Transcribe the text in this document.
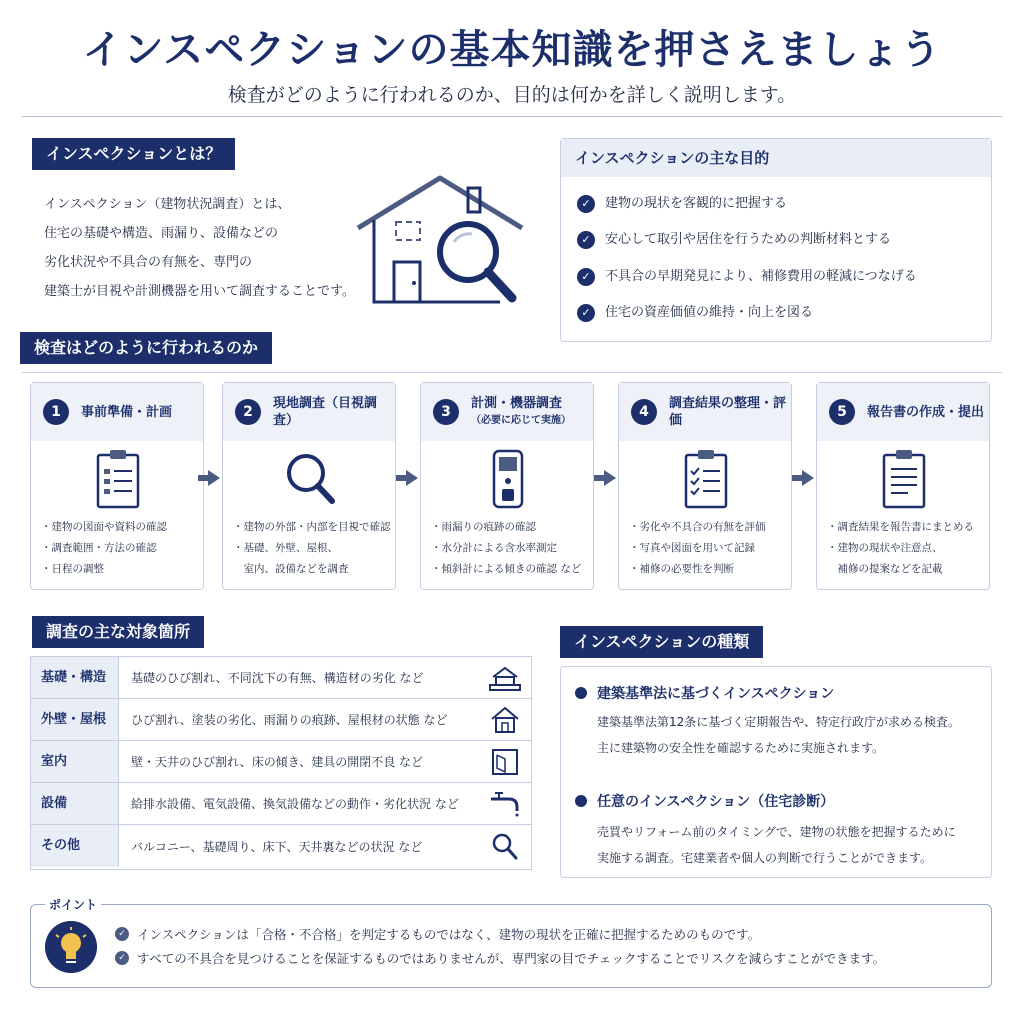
インスペクションの基本知識を押さえましょう
検査がどのように行われるのか、目的は何かを詳しく説明します。
インスペクションとは？
インスペクション（建物状況調査）とは、
住宅の基礎や構造、雨漏り、設備などの
劣化状況や不具合の有無を、専門の
建築士が目視や計測機器を用いて調査することです。
インスペクションの主な目的
✓	建物の現状を客観的に把握する
✓	安心して取引や居住を行うための判断材料とする
✓	不具合の早期発見により、補修費用の軽減につなげる
✓	住宅の資産価値の維持・向上を図る
検査はどのように行われるのか
1	事前準備・計画
・建物の図面や資料の確認
・調査範囲・方法の確認
・日程の調整
2
現地調査（目視調査）
・建物の外部・内部を目視で確認
・基礎、外壁、屋根、
　室内、設備などを調査
3
計測・機器調査
（必要に応じて実施）
・雨漏りの痕跡の確認
・水分計による含水率測定
・傾斜計による傾きの確認 など
4
調査結果の整理・評価
・劣化や不具合の有無を評価
・写真や図面を用いて記録
・補修の必要性を判断
5	報告書の作成・提出
・調査結果を報告書にまとめる
・建物の現状や注意点、
　補修の提案などを記載
調査の主な対象箇所
基礎・構造	基礎のひび割れ、不同沈下の有無、構造材の劣化 など
外壁・屋根	ひび割れ、塗装の劣化、雨漏りの痕跡、屋根材の状態 など
室内	壁・天井のひび割れ、床の傾き、建具の開閉不良 など
設備	給排水設備、電気設備、換気設備などの動作・劣化状況 など
その他	バルコニー、基礎周り、床下、天井裏などの状況 など
インスペクションの種類
建築基準法に基づくインスペクション
建築基準法第12条に基づく定期報告や、特定行政庁が求める検査。
主に建築物の安全性を確認するために実施されます。
任意のインスペクション（住宅診断）
売買やリフォーム前のタイミングで、建物の状態を把握するために
実施する調査。宅建業者や個人の判断で行うことができます。
ポイント
✓ インスペクションは「合格・不合格」を判定するものではなく、建物の現状を正確に把握するためのものです。
✓ すべての不具合を見つけることを保証するものではありませんが、専門家の目でチェックすることでリスクを減らすことができます。
